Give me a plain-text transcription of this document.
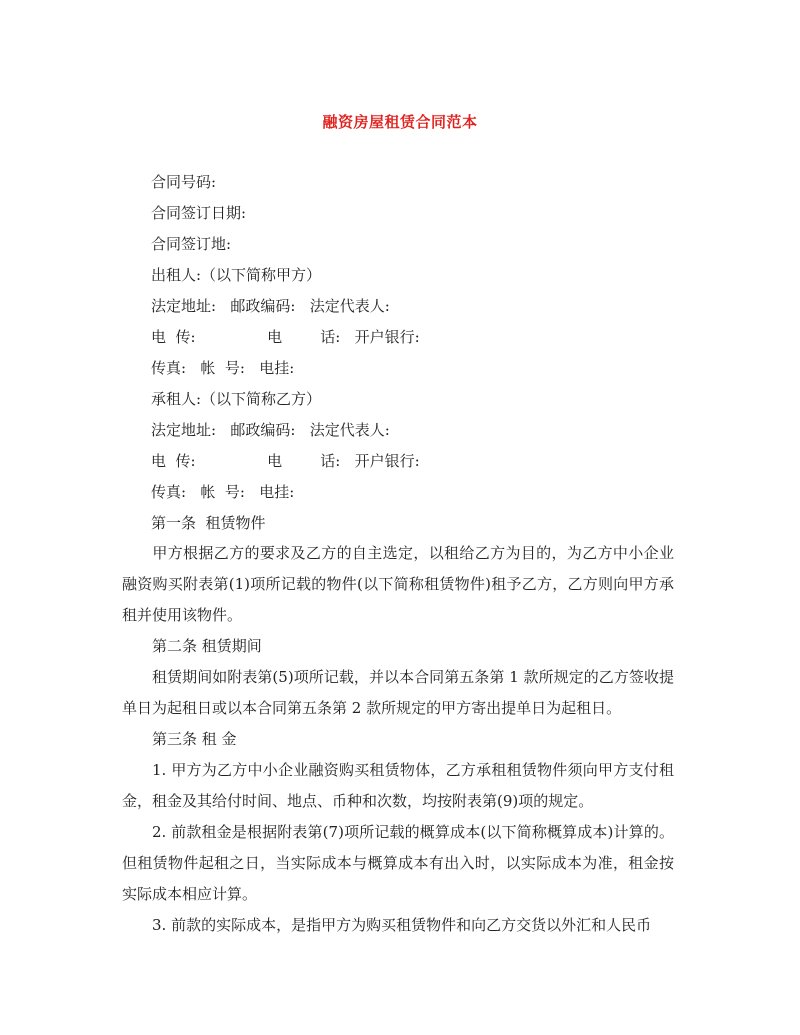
融资房屋租赁合同范本
合同号码:
合同签订日期:
合同签订地:
出租人:（以下简称甲方）
法定地址:   邮政编码:   法定代表人:
电  传:               电        话:   开户银行:
传真:   帐  号:   电挂:
承租人:（以下简称乙方）
法定地址:   邮政编码:   法定代表人:
电  传:               电        话:   开户银行:
传真:   帐  号:   电挂:
第一条  租赁物件
甲方根据乙方的要求及乙方的自主选定，以租给乙方为目的，为乙方中小企业融资购买附表第(1)项所记载的物件(以下简称租赁物件)租予乙方，乙方则向甲方承租并使用该物件。
第二条 租赁期间
租赁期间如附表第(5)项所记载，并以本合同第五条第 1 款所规定的乙方签收提单日为起租日或以本合同第五条第 2 款所规定的甲方寄出提单日为起租日。
第三条 租 金
1. 甲方为乙方中小企业融资购买租赁物体，乙方承租租赁物件须向甲方支付租金，租金及其给付时间、地点、币种和次数，均按附表第(9)项的规定。
2. 前款租金是根据附表第(7)项所记载的概算成本(以下简称概算成本)计算的。但租赁物件起租之日，当实际成本与概算成本有出入时，以实际成本为准，租金按实际成本相应计算。
3. 前款的实际成本，是指甲方为购买租赁物件和向乙方交货以外汇和人民币
